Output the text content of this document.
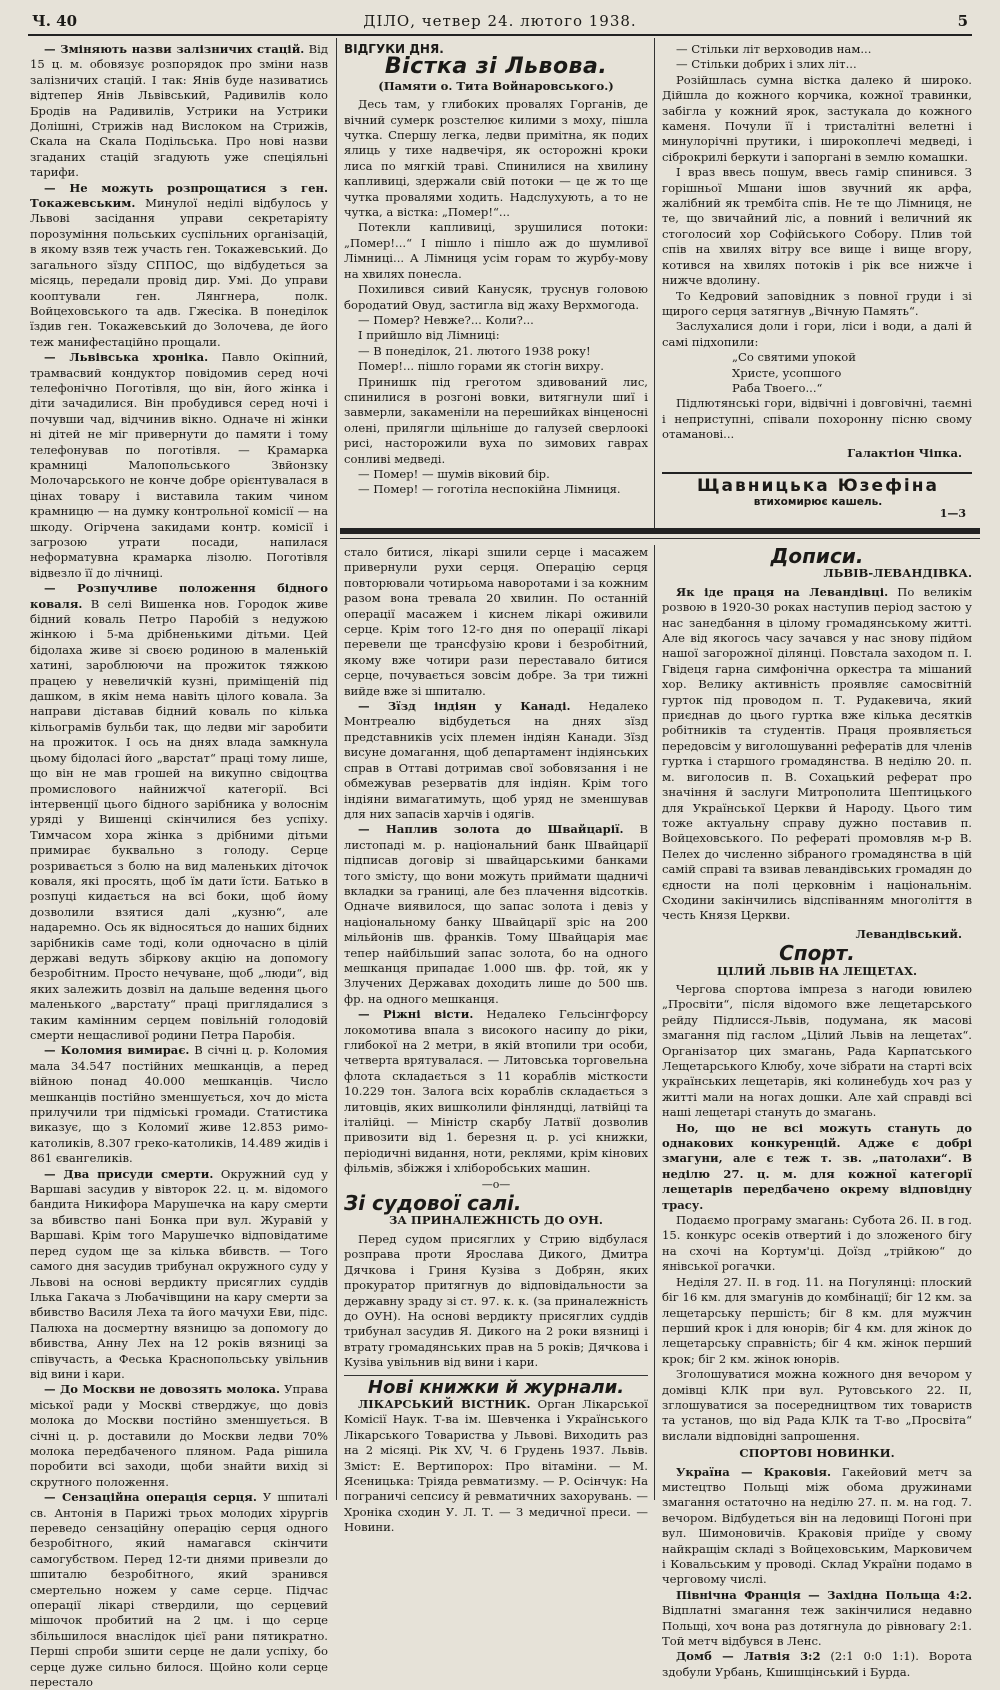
Ч. 40	ДІЛО, четвер 24. лютого 1938.	5

— Зміняють назви залізничих стацій. Від 15 ц. м. обовязує розпорядок про зміни назв залізничих стацій. І так: Янів буде називатись відтепер Янів Львівський, Радивилів коло Бродів на Радивилів, Устрики на Устрики Долішні, Стрижів над Вислоком на Стрижів, Скала на Скала Подільська. Про нові назви згаданих стацій згадують уже спеціяльні тарифи.

— Не можуть розпрощатися з ген. Токажевським. Минулої неділі відбулось у Львові засідання управи секретаріяту порозуміння польських суспільних організацій, в якому взяв теж участь ген. Токажевський. До загального зїзду СППОС, що відбудеться за місяць, передали провід дир. Умі. До управи кооптували ген. Лянгнера, полк. Войцеховського та адв. Гжесіка. В понеділок їздив ген. Токажевський до Золочева, де його теж манифестаційно прощали.

— Львівська хроніка. Павло Окіпний, трамвасвий кондуктор повідомив серед ночі телефонічно Поготівля, що він, його жінка і діти зачадилися. Він пробудився серед ночі і почувши чад, відчинив вікно. Одначе ні жінки ні дітей не міг привернути до памяти і тому телефонував по поготівля. — Крамарка крамниці Малопольського Звйонзку Молочарського не конче добре орієнтувалася в цінах товару і виставила таким чином крамницю — на думку контрольної комісії — на шкоду. Огірчена закидами контр. комісії і загрозою утрати посади, напилася неформатувна крамарка лізолю. Поготівля відвезло її до лічниці.

— Розпучливе положення бідного коваля. В селі Вишенка нов. Городок живе бідний коваль Петро Паробій з недужою жінкою і 5-ма дрібненькими дітьми. Цей бідолаха живе зі своєю родиною в маленькій хатині, зароблюючи на прожиток тяжкою працею у невеличкій кузні, приміщеній під дашком, в якім нема навіть цілого ковала. За направи діставав бідний коваль по кілька кільограмів бульби так, що ледви міг заробити на прожиток. І ось на днях влада замкнула цьому бідоласі його „варстат“ праці тому лише, що він не мав грошей на викупно свідоцтва промислового найнижчої категорії. Всі інтервенції цього бідного зарібника у волоснім уряді у Вишенці скінчилися без успіху. Тимчасом хора жінка з дрібними дітьми примирає буквально з голоду. Серце розривається з болю на вид маленьких діточок коваля, які просять, щоб їм дати їсти. Батько в розпуці кидається на всі боки, щоб йому дозволили взятися далі „кузню“, але надаремно. Ось як відносяться до наших бідних зарібників саме тоді, коли одночасно в цілій державі ведуть збіркову акцію на допомогу безробітним. Просто нечуване, щоб „люди“, від яких залежить дозвіл на дальше ведення цього маленького „варстату“ праці приглядалися з таким камінним серцем повільній голодовій смерти нещасливої родини Петра Паробія.

— Коломия вимирає. В січні ц. р. Коломия мала 34.547 постійних мешканців, а перед війною понад 40.000 мешканців. Число мешканців постійно зменшується, хоч до міста прилучили три підміські громади. Статистика виказує, що з Коломиї живе 12.853 римо-католиків, 8.307 греко-католиків, 14.489 жидів і 861 євангеликів.

— Два присуди смерти. Окружний суд у Варшаві засудив у вівторок 22. ц. м. відомого бандита Никифора Марушечка на кару смерти за вбивство пані Бонка при вул. Журавій у Варшаві. Крім того Марушечко відповідатиме перед судом ще за кілька вбивств. — Того самого дня засудив трибунал окружного суду у Львові на основі вердикту присяглих суддів Ілька Гакача з Любачівщини на кару смерти за вбивство Василя Леха та його мачухи Еви, підс. Палюха на досмертну вязницю за допомогу до вбивства, Анну Лех на 12 років вязниці за співучасть, а Феська Краснопольську увільнив від вини і кари.

— До Москви не довозять молока. Управа міської ради у Москві стверджує, що довіз молока до Москви постійно зменшується. В січні ц. р. доставили до Москви ледви 70% молока передбаченого пляном. Рада рішила поробити всі заходи, щоби знайти вихід зі скрутного положення.

— Сензаційна операція серця. У шпиталі св. Антонія в Парижі трьох молодих хірургів переведо сензаційну операцію серця одного безробітного, який намагався скінчити самогубством. Перед 12-ти днями привезли до шпиталю безробітного, який зранився смертельно ножем у саме серце. Підчас операції лікарі ствердили, що серцевий мішочок пробитий на 2 цм. і що серце збільшилося внаслідок цієї рани пятикратно. Перші спроби зшити серце не дали успіху, бо серце дуже сильно билося. Щойно коли серце перестало

ВІДГУКИ ДНЯ.
Вістка зі Львова.
(Памяти о. Тита Войнаровського.)

Десь там, у глибоких провалях Горганів, де вічний сумерк розстелює килими з моху, пішла чутка. Спершу легка, ледви примітна, як подих ялиць у тихе надвечіря, як осторожні кроки лиса по мягкій траві. Спинилися на хвилину капливиці, здержали свій потоки — це ж то ще чутка провалями ходить. Надслухують, а то не чутка, а вістка: „Помер!“...

Потекли капливиці, зрушилися потоки: „Помер!...“ І пішло і пішло аж до шумливої Лімниці... А Лімниця усім горам то журбу-мову на хвилях понесла.

Похилився сивий Канусяк, труснув головою бородатий Овуд, застигла від жаху Верхмогода.

— Помер? Невже?... Коли?...

І прийшло від Лімниці:

— В понеділок, 21. лютого 1938 року!

Помер!... пішло горами як стогін вихру.

Принишк під греготом здивований лис, спинилися в розгоні вовки, витягнули шиї і завмерли, закаменіли на перешийках вінценосні олені, прилягли щільніше до галузей сверлоокі рисі, насторожили вуха по зимових гаврах сонливі медведі.

— Помер! — шумів віковий бір.

— Помер! — гоготіла неспокійна Лімниця.

— Стільки літ верховодив нам...

— Стільки добрих і злих літ...

Розійшлась сумна вістка далеко й широко. Дійшла до кожного корчика, кожної травинки, забігла у кожний ярок, застукала до кожного каменя. Почули її і тристалітні велетні і минулорічні прутики, і широкоплечі медведі, і сіброкрилі беркути і запоргані в землю комашки.

І враз ввесь пошум, ввесь гамір спинився. З горішньої Мшани ішов звучний як арфа, жалібний як трембіта спів. Не те що Лімниця, не те, що звичайний ліс, а повний і величний як стоголосий хор Софійського Собору. Плив той спів на хвилях вітру все вище і вище вгору, котився на хвилях потоків і рік все нижче і нижче вдолину.

То Кедровий заповідник з повної груди і зі щирого серця затягнув „Вічную Память“.

Заслухалися доли і гори, ліси і води, а далі й самі підхопили:

„Со святими упокой

Христе, усопшого

Раба Твоего...“

Підлютянські гори, відвічні і довговічні, таємні і неприступні, співали похоронну пісню свому отаманові...

Галактіон Чіпка.

Щавницька Юзефіна
втихомирює кашель.
1—3

стало битися, лікарі зшили серце і масажем привернули рухи серця. Операцію серця повторювали чотирьома наворотами і за кожним разом вона тревала 20 хвилин. По останній операції масажем і киснем лікарі оживили серце. Крім того 12-го дня по операції лікарі перевели ще трансфузію крови і безробітний, якому вже чотири рази переставало битися серце, почувається зовсім добре. За три тижні вийде вже зі шпиталю.

— Зїзд індіян у Канаді. Недалеко Монтреалю відбудеться на днях зїзд представників усіх племен індіян Канади. Зїзд висуне домагання, щоб департамент індіянських справ в Оттаві дотримав свої зобовязання і не обмежував резерватів для індіян. Крім того індіяни вимагатимуть, щоб уряд не зменшував для них запасів харчів і одягів.

— Наплив золота до Швайцарії. В листопаді м. р. національний банк Швайцарії підписав договір зі швайцарськими банками того змісту, що вони можуть приймати щадничі вкладки за границі, але без плачення відсотків. Одначе виявилося, що запас золота і девіз у національному банку Швайцарії зріс на 200 мільйонів шв. франків. Тому Швайцарія має тепер найбільший запас золота, бо на одного мешканця припадає 1.000 шв. фр. той, як у Злучених Державах доходить лише до 500 шв. фр. на одного мешканця.

— Ріжні вісти. Недалеко Гельсінгфорсу локомотива впала з високого насипу до ріки, глибокої на 2 метри, в якій втопили три особи, четверта врятувалася. — Литовська торговельна флота складається з 11 кораблів місткости 10.229 тон. Залога всіх кораблів складається з литовців, яких вишколили фінляндці, латвійці та італійці. — Міністр скарбу Латвії дозволив привозити від 1. березня ц. р. усі книжки, періодичні видання, ноти, реклями, крім кінових фільмів, збіжжя і хліборобських машин.

—о—

Зі судової салі.
ЗА ПРИНАЛЕЖНІСТЬ ДО ОУН.

Перед судом присяглих у Стрию відбулася розправа проти Ярослава Дикого, Дмитра Дячкова і Гриня Кузіва з Добрян, яких прокуратор притягнув до відповідальности за державну зраду зі ст. 97. к. к. (за приналежність до ОУН). На основі вердикту присяглих суддів трибунал засудив Я. Дикого на 2 роки вязниці і втрату громадянських прав на 5 років; Дячкова і Кузіва увільнив від вини і кари.

Нові книжки й журнали.

ЛІКАРСЬКИЙ ВІСТНИК. Орган Лікарської Комісії Наук. Т-ва ім. Шевченка і Українського Лікарського Товариства у Львові. Виходить раз на 2 місяці. Рік XV, Ч. 6 Грудень 1937. Львів. Зміст: Е. Вертипорох: Про вітаміни. — М. Ясеницька: Тріяда ревматизму. — Р. Осінчук: На пограничі сепсису й ревматичних захорувань. — Хроніка сходин У. Л. Т. — З медичної преси. — Новини.

Дописи.
ЛЬВІВ-ЛЕВАНДІВКА.

Як іде праця на Левандівці. По великім розвою в 1920-30 роках наступив період застою у нас занедбання в цілому громадянському житті. Але від якогось часу зачався у нас знову підйом нашої загорожної ділянці. Повстала заходом п. І. Гвідеця гарна симфонічна оркестра та мішаний хор. Велику активність проявляє самосвітній гурток під проводом п. Т. Рудакевича, який приєднав до цього гуртка вже кілька десятків робітників та студентів. Праця проявляється передовсім у виголошуванні рефератів для членів гуртка і старшого громадянства. В неділю 20. п. м. виголосив п. В. Сохацький реферат про значіння й заслуги Митрополита Шептицького для Української Церкви й Народу. Цього тим тоже актуальну справу дужно поставив п. Войцеховського. По рефераті промовляв м-р В. Пелех до численно зібраного громадянства в цій самій справі та взивав левандівських громадян до єдности на полі церковнім і національнім. Сходини закінчились відспіванням многоліття в честь Князя Церкви.

Левандівський.

Спорт.
ЦІЛИЙ ЛЬВІВ НА ЛЕЩЕТАХ.

Чергова спортова імпреза з нагоди ювилею „Просвіти“, після відомого вже лещетарського рейду Підлисся-Львів, подумана, як масові змагання під гаслом „Цілий Львів на лещетах“. Організатор цих змагань, Рада Карпатського Лещетарського Клюбу, хоче зібрати на старті всіх українських лещетарів, які колинебудь хоч раз у житті мали на ногах дошки. Але хай справді всі наші лещетарі стануть до змагань.

Но, що не всі можуть стануть до однакових конкуренцій. Адже є добрі змагуни, але є теж т. зв. „патолахи“. В неділю 27. ц. м. для кожної категорії лещетарів передбачено окрему відповідну трасу.

Подаємо програму змагань: Субота 26. II. в год. 15. конкурс осеків отвертий і до зложеного бігу на схочі на Кортум'ці. Доїзд „трійкою“ до янівської рогачки.

Неділя 27. II. в год. 11. на Погулянці: плоский біг 16 км. для змагунів до комбінації; біг 12 км. за лещетарську першість; біг 8 км. для мужчин перший крок і для юнорів; біг 4 км. для жінок до лещетарську справність; біг 4 км. жінок перший крок; біг 2 км. жінок юнорів.

Зголошуватися можна кожного дня вечором у домівці КЛК при вул. Рутовського 22. II, зглошуватися за посередництвом тих товариств та установ, що від Рада КЛК та Т-во „Просвіта“ вислали відповідні запрошення.

СПОРТОВІ НОВИНКИ.

Україна — Краковія. Гакейовий метч за мистецтво Польщі між обома дружинами змагання остаточно на неділю 27. п. м. на год. 7. вечором. Відбудеться він на ледовищі Погоні при вул. Шимоновичів. Краковія приїде у свому найкращім складі з Войцеховським, Марковичем і Ковальським у проводі. Склад України подамо в черговому числі.

Північна Франція — Західна Польща 4:2. Відплатні змагання теж закінчилися недавно Польщі, хоч вона раз дотягнула до рівновагу 2:1. Той метч відбувся в Ленс.

Домб — Латвія 3:2 (2:1 0:0 1:1). Ворота здобули Урбань, Кшишцінський і Бурда.
